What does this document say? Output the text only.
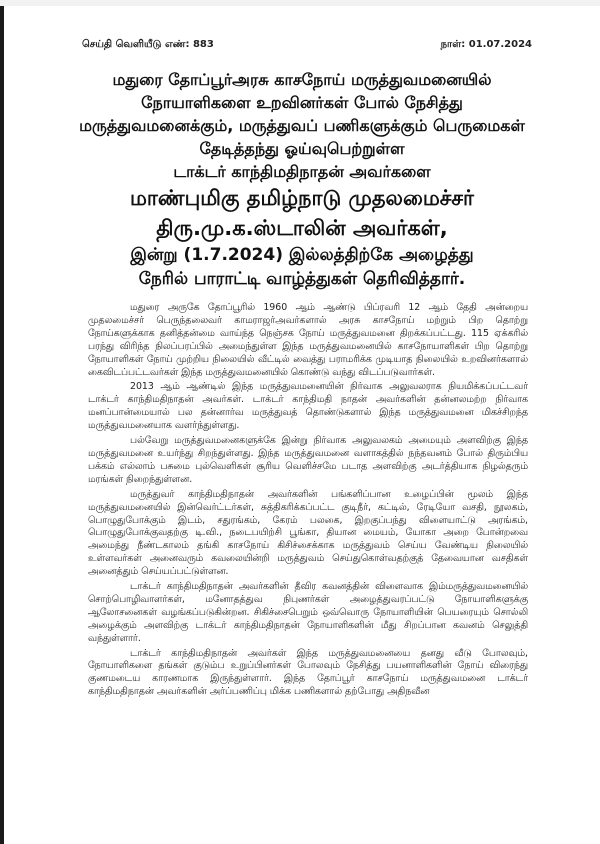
செய்தி வெளியீடு எண்: 883	நாள்: 01.07.2024
மதுரை தோப்பூர்அரசு காசநோய் மருத்துவமனையில்
நோயாளிகளை உறவினர்கள் போல் நேசித்து
மருத்துவமனைக்கும், மருத்துவப் பணிகளுக்கும் பெருமைகள்
தேடித்தந்து ஓய்வுபெற்றுள்ள
டாக்டர் காந்திமதிநாதன் அவர்களை
மாண்புமிகு தமிழ்நாடு முதலமைச்சர்
திரு.மு.க.ஸ்டாலின் அவர்கள்,
இன்று (1.7.2024) இல்லத்திற்கே அழைத்து
நேரில் பாராட்டி வாழ்த்துகள் தெரிவித்தார்.

மதுரை அருகே தோப்பூரில் 1960 ஆம் ஆண்டு பிப்ரவரி 12 ஆம் தேதி அன்றைய முதலமைச்சர் பெருந்தலைவர் காமராஜர்அவர்களால் அரசு காசநோய் மற்றும் பிற தொற்று நோய்களுக்காக தனித்தன்மை வாய்ந்த நெஞ்சக நோய் மருத்துவமனை திறக்கப்பட்டது. 115 ஏக்கரில் பரந்து விரிந்த நிலப்பரப்பில் அமைந்துள்ள இந்த மருத்துவமனையில் காசநோயாளிகள் பிற தொற்று நோயாளிகள் நோய் முற்றிய நிலையில் வீட்டில் வைத்து பராமரிக்க முடியாத நிலையில் உறவினர்களால் கைவிடப்பட்டவர்கள் இந்த மருத்துவமனையில் கொண்டு வந்து விடப்படுவார்கள்.

2013 ஆம் ஆண்டில் இந்த மருத்துவமனையின் நிர்வாக அலுவலராக நியமிக்கப்பட்டவர் டாக்டர் காந்திமதிநாதன் அவர்கள். டாக்டர் காந்திமதி நாதன் அவர்களின் தன்னலமற்ற நிர்வாக மனப்பான்மையால் பல தன்னார்வ மருத்துவத் தொண்டுகளால் இந்த மருத்துவமனை மிகச்சிறந்த மருத்துவமனையாக வளர்ந்துள்ளது.

பல்வேறு மருத்துவமனைகளுக்கே இன்று நிர்வாக அலுவலகம் அமையும் அளவிற்கு இந்த மருத்துவமனை உயர்ந்து சிறந்துள்ளது. இந்த மருத்துவமனை வளாகத்தில் நந்தவனம் போல் திரும்பிய பக்கம் எல்லாம் பசுமை புல்வெளிகள் சூரிய வெளிச்சமே படாத அளவிற்கு அடர்த்தியாக நிழல்தரும் மரங்கள் நிறைந்துள்ளன.

மருத்துவர் காந்திமதிநாதன் அவர்களின் பங்களிப்பான உழைப்பின் மூலம் இந்த மருத்துவமனையில் இன்வெர்ட்டர்கள், சுத்திகரிக்கப்பட்ட குடிநீர், கட்டில், ரேடியோ வசதி, நூலகம், பொழுதுபோக்கும் இடம், சதுரங்கம், கேரம் பலகை, இறகுப்பந்து விளையாட்டு அரங்கம், பொழுதுபோக்குவதற்கு டி.வி., நடைபயிற்சி பூங்கா, தியான மையம், யோகா அறை போன்றவை அமைந்து நீண்டகாலம் தங்கி காசநோய் கிசிச்சைக்காக மருத்துவம் செய்ய வேண்டிய நிலையில் உள்ளவர்கள் அனைவரும் கவலையின்றி மருத்துவம் செய்துகொள்வதற்குத் தேவையான வசதிகள் அனைத்தும் செய்யப்பட்டுள்ளன.

டாக்டர் காந்திமதிநாதன் அவர்களின் தீவிர கவனத்தின் விளைவாக இம்மருத்துவமனையில் சொற்பொழிவாளர்கள், மனோதத்துவ நிபுணர்கள் அழைத்துவரப்பட்டு நோயாளிகளுக்கு ஆலோசனைகள் வழங்கப்படுகின்றன. சிகிச்சைபெறும் ஒவ்வொரு நோயாளியின் பெயரையும் சொல்லி அழைக்கும் அளவிற்கு டாக்டர் காந்திமதிநாதன் நோயாளிகளின் மீது சிறப்பான கவனம் செலுத்தி வந்துள்ளார்.

டாக்டர் காந்திமதிநாதன் அவர்கள் இந்த மருத்துவமனையை தனது வீடு போலவும், நோயாளிகளை தங்கள் குடும்ப உறுப்பினர்கள் போலவும் நேசித்து பயனாளிகளின் நோய் விரைந்து குணமடைய காரணமாக இருந்துள்ளார். இந்த தோப்பூர் காசநோய் மருத்துவமனை டாக்டர் காந்திமதிநாதன் அவர்களின் அர்ப்பணிப்பு மிக்க பணிகளால் தற்போது அதிநவீன
